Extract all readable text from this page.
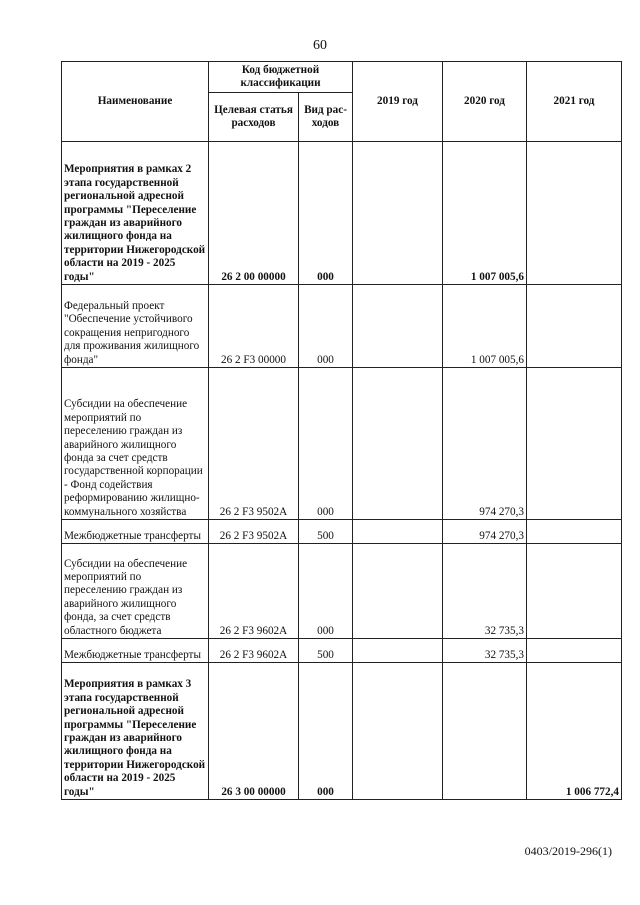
60
Наименование	Код бюджетной классификации		2019 год	2020 год	2021 год
	Целевая статья расходов	Вид рас-ходов			
Мероприятия в рамках 2 этапа государственной региональной адресной программы "Переселение граждан из аварийного жилищного фонда на территории Нижегородской области на 2019 - 2025 годы"	26 2 00 00000	000		1 007 005,6	
Федеральный проект "Обеспечение устойчивого сокращения непригодного для проживания жилищного фонда"	26 2 F3 00000	000		1 007 005,6	
Субсидии на обеспечение мероприятий по переселению граждан из аварийного жилищного фонда за счет средств государственной корпорации - Фонд содействия реформированию жилищно-коммунального хозяйства	26 2 F3 9502A	000		974 270,3	
Межбюджетные трансферты	26 2 F3 9502A	500		974 270,3	
Субсидии на обеспечение мероприятий по переселению граждан из аварийного жилищного фонда, за счет средств областного бюджета	26 2 F3 9602A	000		32 735,3	
Межбюджетные трансферты	26 2 F3 9602A	500		32 735,3	
Мероприятия в рамках 3 этапа государственной региональной адресной программы "Переселение граждан из аварийного жилищного фонда на территории Нижегородской области на 2019 - 2025 годы"	26 3 00 00000	000			1 006 772,4
0403/2019-296(1)
